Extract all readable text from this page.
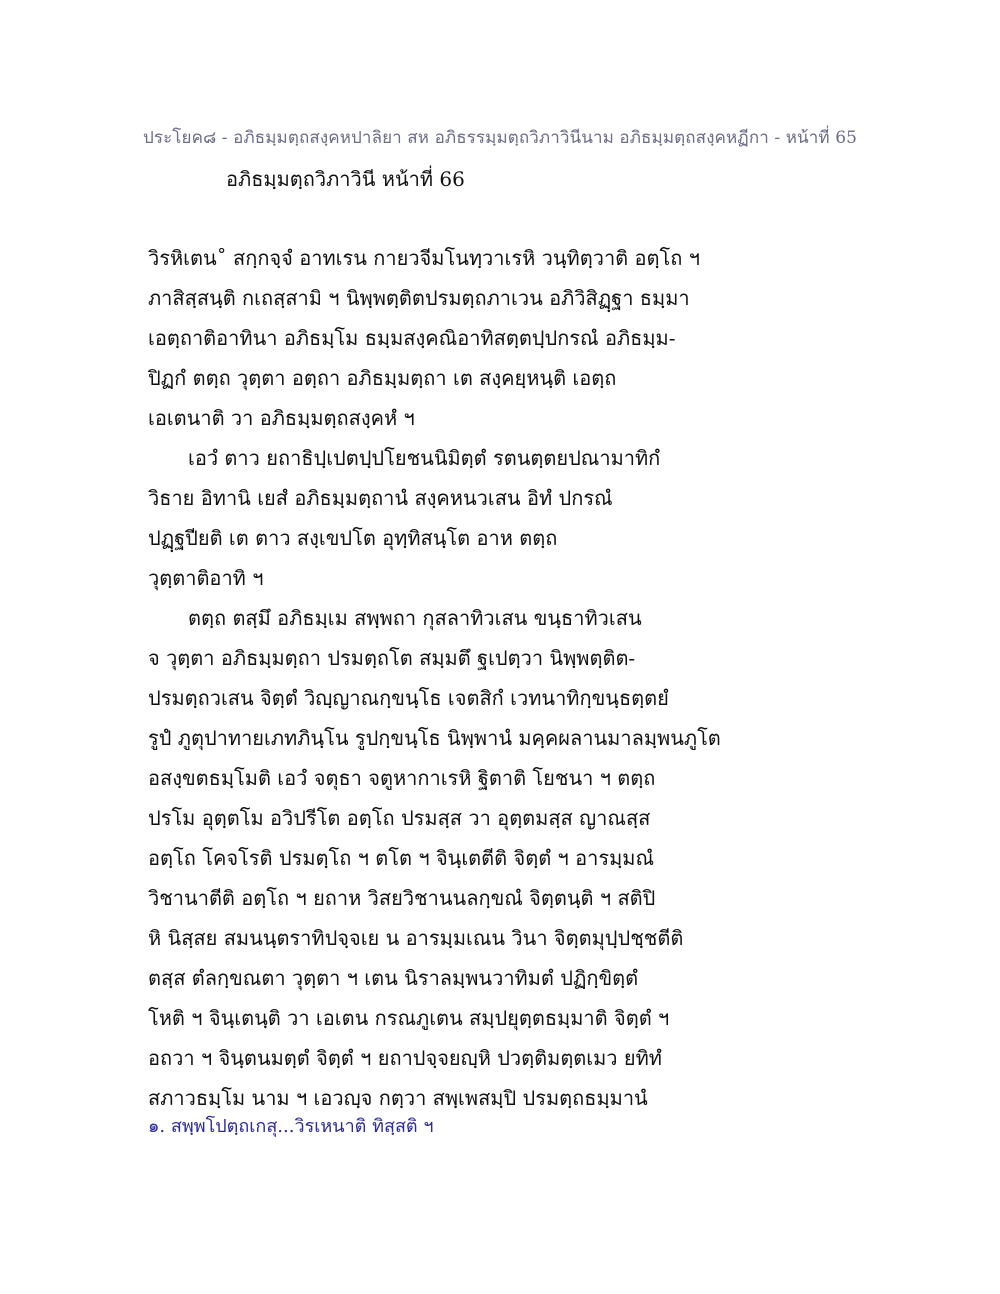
ประโยค๘ - อภิธมฺมตฺถสงฺคหปาลิยา สห อภิธรรมฺมตฺถวิภาวินีนาม อภิธมฺมตฺถสงฺคหฏีกา - หน้าที่ 65
อภิธมฺมตฺถวิภาวินี หน้าที่ 66
วิรหิเตน˚ สกฺกจฺจํ อาทเรน กายวจีมโนทฺวาเรหิ วนฺทิตฺวาติ อตฺโถ ฯ
ภาสิสฺสนฺติ กเถสฺสามิ ฯ นิพฺพตฺติตปรมตฺถภาเวน อภิวิสิฏฺฐา ธมฺมา
เอตฺถาติอาทินา อภิธมฺโม ธมฺมสงฺคณิอาทิสตฺตปฺปกรณํ อภิธมฺม-
ปิฏกํ ตตฺถ วุตฺตา อตฺถา อภิธมฺมตฺถา เต สงฺคยฺหนฺติ เอตฺถ
เอเตนาติ วา อภิธมฺมตฺถสงฺคหํ ฯ
เอวํ ตาว ยถาธิปฺเปตปฺปโยชนนิมิตฺตํ รตนตฺตยปณามาทิกํ
วิธาย อิทานิ เยสํ อภิธมฺมตฺถานํ สงฺคหนวเสน อิทํ ปกรณํ
ปฏฺฐปียติ เต ตาว สงฺเขปโต อุทฺทิสนฺโต อาห ตตฺถ
วุตฺตาติอาทิ ฯ
ตตฺถ ตสฺมึ อภิธมฺเม สพฺพถา กุสลาทิวเสน ขนฺธาทิวเสน
จ วุตฺตา อภิธมฺมตฺถา ปรมตฺถโต สมฺมตึ ฐเปตฺวา นิพฺพตฺติต-
ปรมตฺถวเสน จิตฺตํ วิญฺญาณกฺขนฺโธ เจตสิกํ เวทนาทิกฺขนฺธตฺตยํ
รูปํ ภูตุปาทายเภทภินฺโน รูปกฺขนฺโธ นิพฺพานํ มคฺคผลานมาลมฺพนภูโต
อสงฺขตธมฺโมติ เอวํ จตุธา จตูหากาเรหิ ฐิตาติ โยชนา ฯ ตตฺถ
ปรโม อุตฺตโม อวิปรีโต อตฺโถ ปรมสฺส วา อุตฺตมสฺส ญาณสฺส
อตฺโถ โคจโรติ ปรมตฺโถ ฯ ตโต ฯ จินฺเตตีติ จิตฺตํ ฯ อารมฺมณํ
วิชานาตีติ อตฺโถ ฯ ยถาห วิสยวิชานนลกฺขณํ จิตฺตนฺติ ฯ สติปิ
หิ นิสฺสย สมนนฺตราทิปจฺจเย น อารมฺมเณน วินา จิตฺตมุปฺปชฺชตีติ
ตสฺส ตํลกฺขณตา วุตฺตา ฯ เตน นิราลมฺพนวาทิมตํ ปฏิกฺขิตฺตํ
โหติ ฯ จินฺเตนฺติ วา เอเตน กรณภูเตน สมฺปยุตฺตธมฺมาติ จิตฺตํ ฯ
อถวา ฯ จินฺตนมตฺตํ จิตฺตํ ฯ ยถาปจฺจยญฺหิ ปวตฺติมตฺตเมว ยทิทํ
สภาวธมฺโม นาม ฯ เอวญฺจ กตฺวา สพฺเพสมฺปิ ปรมตฺถธมฺมานํ
๑. สพฺพโปตฺถเกสุ...วิรเหนาติ ทิสฺสติ ฯ
